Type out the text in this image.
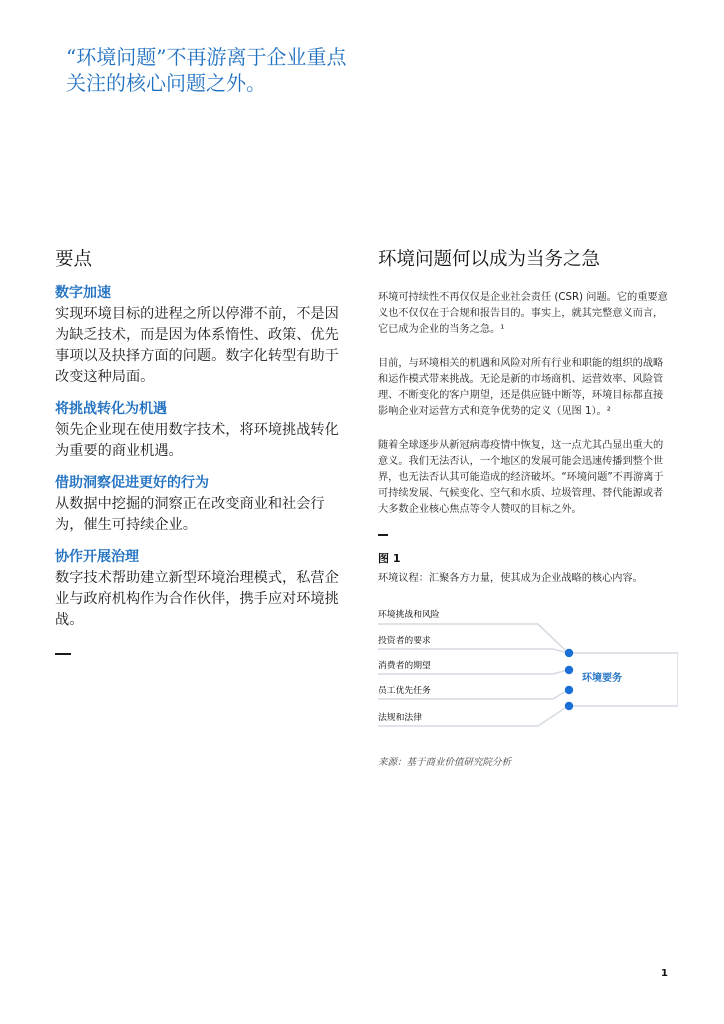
“环境问题”不再游离于企业重点关注的核心问题之外。
要点
数字加速
实现环境目标的进程之所以停滞不前，不是因为缺乏技术，而是因为体系惰性、政策、优先事项以及抉择方面的问题。数字化转型有助于改变这种局面。
将挑战转化为机遇
领先企业现在使用数字技术，将环境挑战转化为重要的商业机遇。
借助洞察促进更好的行为
从数据中挖掘的洞察正在改变商业和社会行为，催生可持续企业。
协作开展治理
数字技术帮助建立新型环境治理模式，私营企业与政府机构作为合作伙伴，携手应对环境挑战。
环境问题何以成为当务之急
环境可持续性不再仅仅是企业社会责任 (CSR) 问题。它的重要意义也不仅仅在于合规和报告目的。事实上，就其完整意义而言，它已成为企业的当务之急。¹
目前，与环境相关的机遇和风险对所有行业和职能的组织的战略和运作模式带来挑战。无论是新的市场商机、运营效率、风险管理、不断变化的客户期望，还是供应链中断等，环境目标都直接影响企业对运营方式和竞争优势的定义（见图 1）。²
随着全球逐步从新冠病毒疫情中恢复，这一点尤其凸显出重大的意义。我们无法否认，一个地区的发展可能会迅速传播到整个世界，也无法否认其可能造成的经济破坏。“环境问题”不再游离于可持续发展、气候变化、空气和水质、垃圾管理、替代能源或者大多数企业核心焦点等令人赞叹的目标之外。
图 1
环境议程：汇聚各方力量，使其成为企业战略的核心内容。
环境挑战和风险
投资者的要求
消费者的期望
员工优先任务
法规和法律
环境要务
来源：基于商业价值研究院分析
1
